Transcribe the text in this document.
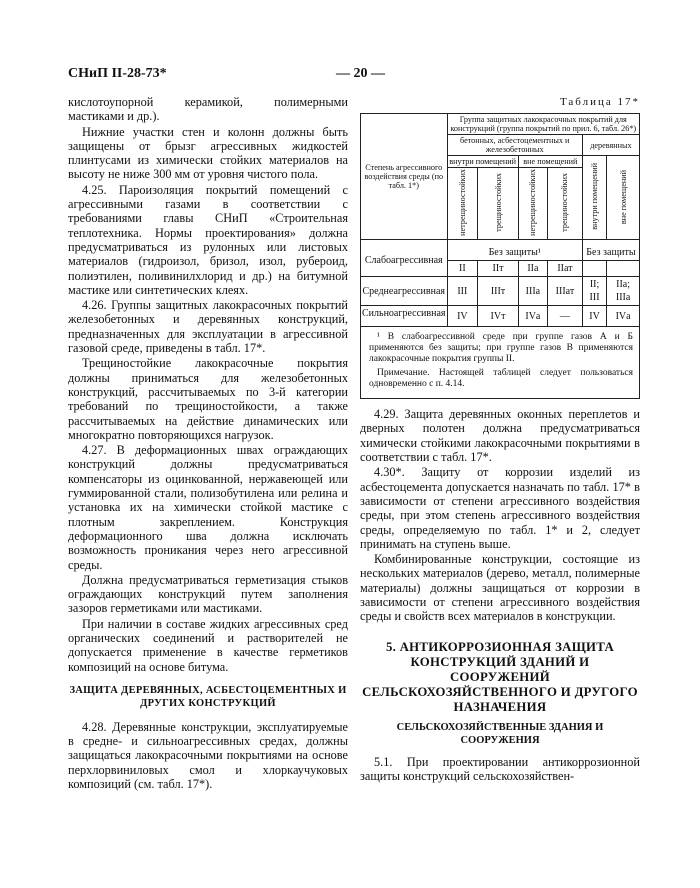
СНиП II-28-73*	— 20 —

кислотоупорной керамикой, полимерными мастиками и др.).

Нижние участки стен и колонн должны быть защищены от брызг агрессивных жидкостей плинтусами из химически стойких материалов на высоту не ниже 300 мм от уровня чистого пола.

4.25. Пароизоляция покрытий помещений с агрессивными газами в соответствии с требованиями главы СНиП «Строительная теплотехника. Нормы проектирования» должна предусматриваться из рулонных или листовых материалов (гидроизол, бризол, изол, рубероид, полиэтилен, поливинилхлорид и др.) на битумной мастике или синтетических клеях.

4.26. Группы защитных лакокрасочных покрытий железобетонных и деревянных конструкций, предназначенных для эксплуатации в агрессивной газовой среде, приведены в табл. 17*.

Трещиностойкие лакокрасочные покрытия должны приниматься для железобетонных конструкций, рассчитываемых по 3-й категории требований по трещиностойкости, а также рассчитываемых на действие динамических или многократно повторяющихся нагрузок.

4.27. В деформационных швах ограждающих конструкций должны предусматриваться компенсаторы из оцинкованной, нержавеющей или гуммированной стали, полизобутилена или релина и установка их на химически стойкой мастике с плотным закреплением. Конструкция деформационного шва должна исключать возможность проникания через него агрессивной среды.

Должна предусматриваться герметизация стыков ограждающих конструкций путем заполнения зазоров герметиками или мастиками.

При наличии в составе жидких агрессивных сред органических соединений и растворителей не допускается применение в качестве герметиков композиций на основе битума.

ЗАЩИТА ДЕРЕВЯННЫХ, АСБЕСТОЦЕМЕНТНЫХ И ДРУГИХ КОНСТРУКЦИЙ

4.28. Деревянные конструкции, эксплуатируемые в средне- и сильноагрессивных средах, должны защищаться лакокрасочными покрытиями на основе перхлорвиниловых смол и хлоркаучуковых композиций (см. табл. 17*).

Таблица 17*
Степень агрессивного воздействия среды (по табл. 1*)	Группа защитных лакокрасочных покрытий для конструкций (группа покрытий по прил. 6, табл. 26*)					
	бетонных, асбестоцементных и железобетонных				деревянных	
	внутри помещений		вне помещений		внутри помещений	вне помещений
	нетрещиностойких	трещиностойких	нетрещиностойких	трещиностойких		
Слабоагрессивная	Без защиты¹				Без защиты	
	II	IIт	IIа	IIат		
Среднеагрессивная	III	IIIт	IIIа	IIIат	II; III	IIа; IIIа
Сильноагрессивная	IV	IVт	IVа	—	IV	IVа
¹ В слабоагрессивной среде при группе газов А и Б применяются без защиты; при группе газов В применяются лакокрасочные покрытия группы II.
Примечание. Настоящей таблицей следует пользоваться одновременно с п. 4.14.

4.29. Защита деревянных оконных переплетов и дверных полотен должна предусматриваться химически стойкими лакокрасочными покрытиями в соответствии с табл. 17*.

4.30*. Защиту от коррозии изделий из асбестоцемента допускается назначать по табл. 17* в зависимости от степени агрессивного воздействия среды, при этом степень агрессивного воздействия среды, определяемую по табл. 1* и 2, следует принимать на ступень выше.

Комбинированные конструкции, состоящие из нескольких материалов (дерево, металл, полимерные материалы) должны защищаться от коррозии в зависимости от степени агрессивного воздействия среды и свойств всех материалов в конструкции.

5. АНТИКОРРОЗИОННАЯ ЗАЩИТА КОНСТРУКЦИЙ ЗДАНИЙ И СООРУЖЕНИЙ СЕЛЬСКОХОЗЯЙСТВЕННОГО И ДРУГОГО НАЗНАЧЕНИЯ
СЕЛЬСКОХОЗЯЙСТВЕННЫЕ ЗДАНИЯ И СООРУЖЕНИЯ

5.1. При проектировании антикоррозионной защиты конструкций сельскохозяйствен-
